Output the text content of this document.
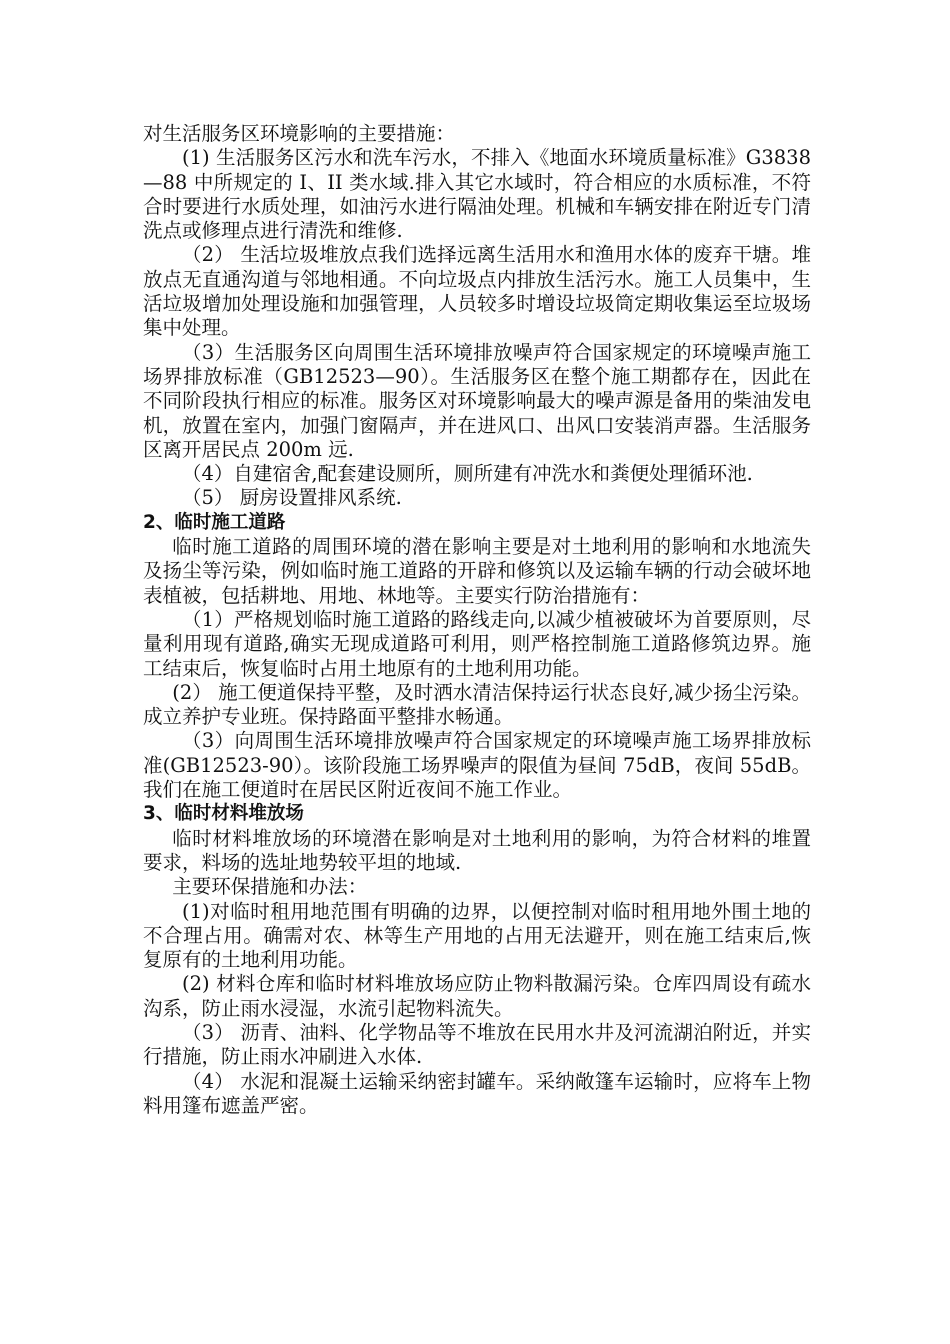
对生活服务区环境影响的主要措施：

(1) 生活服务区污水和洗车污水，不排入《地面水环境质量标准》G3838—88 中所规定的 I、II 类水域.排入其它水域时，符合相应的水质标准，不符合时要进行水质处理，如油污水进行隔油处理。机械和车辆安排在附近专门清洗点或修理点进行清洗和维修.

（2） 生活垃圾堆放点我们选择远离生活用水和渔用水体的废弃干塘。堆放点无直通沟道与邻地相通。不向垃圾点内排放生活污水。施工人员集中，生活垃圾增加处理设施和加强管理，人员较多时增设垃圾筒定期收集运至垃圾场集中处理。

（3）生活服务区向周围生活环境排放噪声符合国家规定的环境噪声施工场界排放标准（GB12523—90）。生活服务区在整个施工期都存在，因此在不同阶段执行相应的标准。服务区对环境影响最大的噪声源是备用的柴油发电机，放置在室内，加强门窗隔声，并在进风口、出风口安装消声器。生活服务区离开居民点 200m 远.

（4）自建宿舍,配套建设厕所，厕所建有冲洗水和粪便处理循环池.

（5） 厨房设置排风系统.

2、临时施工道路

临时施工道路的周围环境的潜在影响主要是对土地利用的影响和水地流失及扬尘等污染，例如临时施工道路的开辟和修筑以及运输车辆的行动会破坏地表植被，包括耕地、用地、林地等。主要实行防治措施有：

（1）严格规划临时施工道路的路线走向,以减少植被破坏为首要原则，尽量利用现有道路,确实无现成道路可利用，则严格控制施工道路修筑边界。施工结束后，恢复临时占用土地原有的土地利用功能。

(2） 施工便道保持平整，及时洒水清洁保持运行状态良好,减少扬尘污染。成立养护专业班。保持路面平整排水畅通。

（3）向周围生活环境排放噪声符合国家规定的环境噪声施工场界排放标准(GB12523-90）。该阶段施工场界噪声的限值为昼间 75dB，夜间 55dB。我们在施工便道时在居民区附近夜间不施工作业。

3、临时材料堆放场

临时材料堆放场的环境潜在影响是对土地利用的影响，为符合材料的堆置要求，料场的选址地势较平坦的地域.

主要环保措施和办法：

(1)对临时租用地范围有明确的边界，以便控制对临时租用地外围土地的不合理占用。确需对农、林等生产用地的占用无法避开，则在施工结束后,恢复原有的土地利用功能。

(2) 材料仓库和临时材料堆放场应防止物料散漏污染。仓库四周设有疏水沟系，防止雨水浸湿，水流引起物料流失。

（3） 沥青、油料、化学物品等不堆放在民用水井及河流湖泊附近，并实行措施，防止雨水冲刷进入水体.

（4） 水泥和混凝土运输采纳密封罐车。采纳敞篷车运输时，应将车上物料用篷布遮盖严密。
